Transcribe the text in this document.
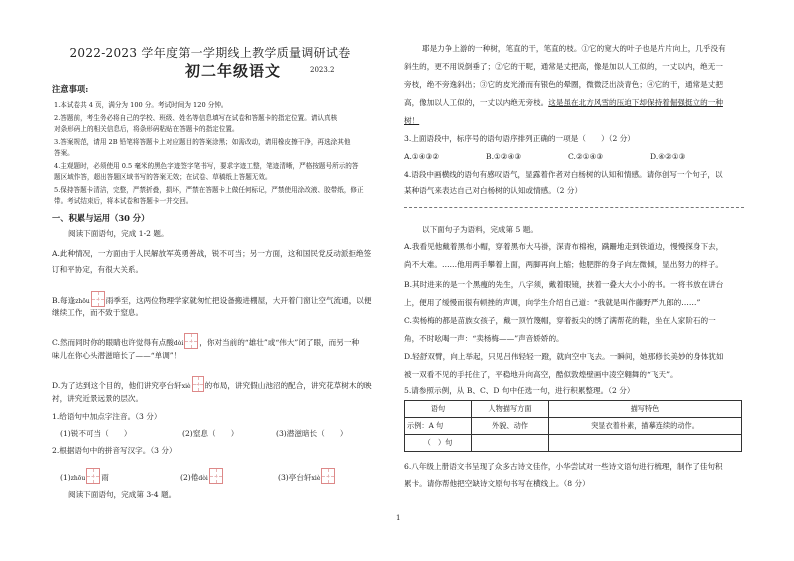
2022-2023 学年度第一学期线上教学质量调研试卷
初二年级语文	2023.2
注意事项:
1.本试卷共 4 页，满分为 100 分。考试时间为 120 分钟。
2.答题前，考生务必将自己的学校、班级、姓名等信息填写在试卷和答题卡的指定位置。请认真核
对条形码上的相关信息后，将条形码粘贴在答题卡的指定位置。
3.答案规范，请用 2B 铅笔将答题卡上对应题目的答案涂黑；如需改动，请用橡皮擦干净，再选涂其他
答案。
4.主观题时，必须使用 0.5 毫米的黑色字迹签字笔书写，要求字迹工整，笔迹清晰，严格按题号所示的答
题区域作答，超出答题区域书写的答案无效；在试卷、草稿纸上答题无效。
5.保持答题卡清洁，完整，严禁折叠，损坏，严禁在答题卡上做任何标记，严禁使用涂改液、胶带纸，修正
带。考试结束后，将本试卷和答题卡一并交回。
一、积累与运用（30 分）
阅读下面语句，完成 1-2 题。
A.此种情况，一方面由于人民解放军英勇善战，锐不可当；另一方面，这和国民党反动派拒绝签
订和平协定，有很大关系。
B.每逢zhōu 雨季至，这两位物理学家就匆忙把设备搬进棚屋，大开着门窗让空气流通，以便
继续工作，而不致于窒息。
C.然而同时你的眼睛也许觉得有点酸dòi ，你对当前的“雄壮”或“伟大”闭了眼，而另一种
味儿在你心头潜滋暗长了——“单调”！
D.为了达到这个目的，他们讲究亭台轩xiè 的布局，讲究假山池沼的配合，讲究花草树木的映
衬，讲究近景远景的层次。
1.给语句中加点字注音。（3 分）
(1)锐不可当（　　）	(2)窒息（　　）	(3)潜滋暗长（　　）
2.根据语句中的拼音写汉字。（3 分）
(1)zhōu 雨	(2)倦dòi	(3)亭台轩xiè
阅读下面语句，完成第 3-4 题。
耶是力争上游的一种树，笔直的干，笔直的枝。①它的宽大的叶子也是片片向上，几乎没有
斜生的，更不用说倒垂了；②它的干呢，通常是丈把高，像是加以人工似的，一丈以内，绝无一
旁枝，绝不旁逸斜出；③它的皮光滑而有银色的晕圈，微微泛出淡青色；④它的干，通常是丈把
高，像加以人工似的，一丈以内绝无旁枝。这是虽在北方风雪的压迫下却保持着倔强挺立的一种
树！
3.上面语段中，标序号的语句语序排列正确的一项是（　　）（2 分）
A.①④③②	B.①②④③	C.②①④③	D.④②①③
4.语段中画横线的语句有感叹语气，显露着作者对白杨树的认知和情感。请你创写一个句子，以
某种语气来表达自己对白杨树的认知或情感。（2 分）
以下面句子为语料，完成第 5 题。
A.我看见他戴着黑布小帽，穿着黑布大马褂，深青布棉袍，蹒跚地走到铁道边，慢慢探身下去，
尚不大难。……他用两手攀着上面，两脚再向上缩；他肥胖的身子向左微倾，显出努力的样子。
B.其时进来的是一个黑瘦的先生，八字须，戴着眼镜，挟着一叠大大小小的书。一将书放在讲台
上，便用了缓慢而很有顿挫的声调，向学生介绍自己道：“我就是叫作藤野严九郎的……”
C.卖杨梅的都是苗族女孩子，戴一顶竹篾帽，穿着扳尖的绣了满帮花的鞋，坐在人家阶石的一
角，不时吆喝一声：“卖杨梅——”声音娇娇的。
D.轻舒双臂，向上举起，只见吕伟轻轻一蹬，就向空中飞去。一瞬间，她那修长美妙的身体犹如
被一双看不见的手托住了，平稳地升向高空，酷似敦煌壁画中凌空翱舞的“飞天”。
5.请参照示例，从 B、C、D 句中任选一句，进行积累整理。（2 分）
语句	人物描写方面	描写特色
示例：A 句	外貌、动作	突显衣着朴素，描摹连续的动作。
（　）句		
6.八年级上册语文书呈现了众多古诗文佳作，小华尝试对一些诗文语句进行梳理，制作了佳句积
累卡。请你帮他把空缺诗文原句书写在横线上。（8 分）
1
